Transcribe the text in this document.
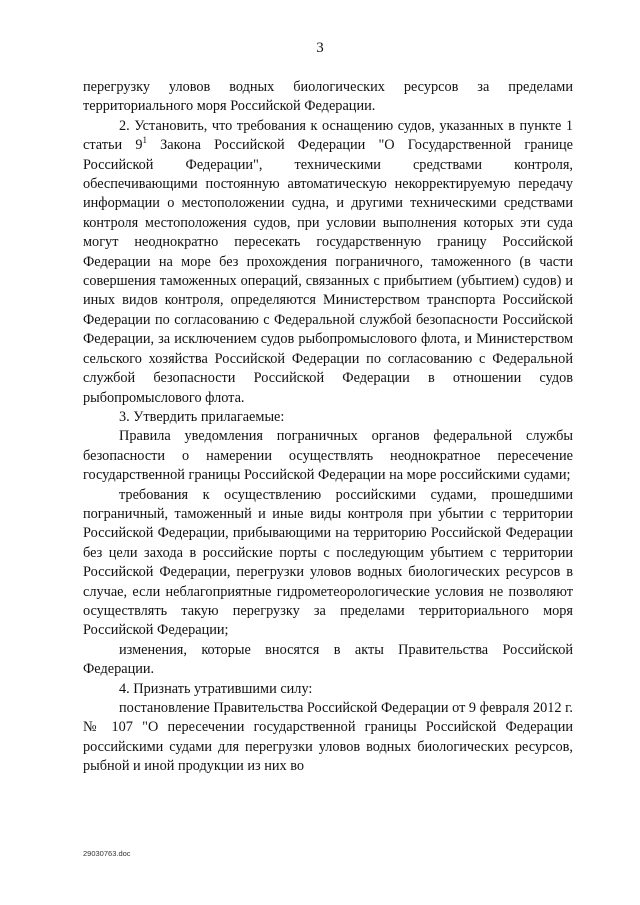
3

перегрузку уловов водных биологических ресурсов за пределами территориального моря Российской Федерации.

2. Установить, что требования к оснащению судов, указанных в пункте 1 статьи $9^1$ Закона Российской Федерации "О Государственной границе Российской Федерации", техническими средствами контроля, обеспечивающими постоянную автоматическую некорректируемую передачу информации о местоположении судна, и другими техническими средствами контроля местоположения судов, при условии выполнения которых эти суда могут неоднократно пересекать государственную границу Российской Федерации на море без прохождения пограничного, таможенного (в части совершения таможенных операций, связанных с прибытием (убытием) судов) и иных видов контроля, определяются Министерством транспорта Российской Федерации по согласованию с Федеральной службой безопасности Российской Федерации, за исключением судов рыбопромыслового флота, и Министерством сельского хозяйства Российской Федерации по согласованию с Федеральной службой безопасности Российской Федерации в отношении судов рыбопромыслового флота.

3. Утвердить прилагаемые:

Правила уведомления пограничных органов федеральной службы безопасности о намерении осуществлять неоднократное пересечение государственной границы Российской Федерации на море российскими судами;

требования к осуществлению российскими судами, прошедшими пограничный, таможенный и иные виды контроля при убытии с территории Российской Федерации, прибывающими на территорию Российской Федерации без цели захода в российские порты с последующим убытием с территории Российской Федерации, перегрузки уловов водных биологических ресурсов в случае, если неблагоприятные гидрометеорологические условия не позволяют осуществлять такую перегрузку за пределами территориального моря Российской Федерации;

изменения, которые вносятся в акты Правительства Российской Федерации.

4. Признать утратившими силу:

постановление Правительства Российской Федерации от 9 февраля 2012 г. № 107 "О пересечении государственной границы Российской Федерации российскими судами для перегрузки уловов водных биологических ресурсов, рыбной и иной продукции из них во

29030763.doc
